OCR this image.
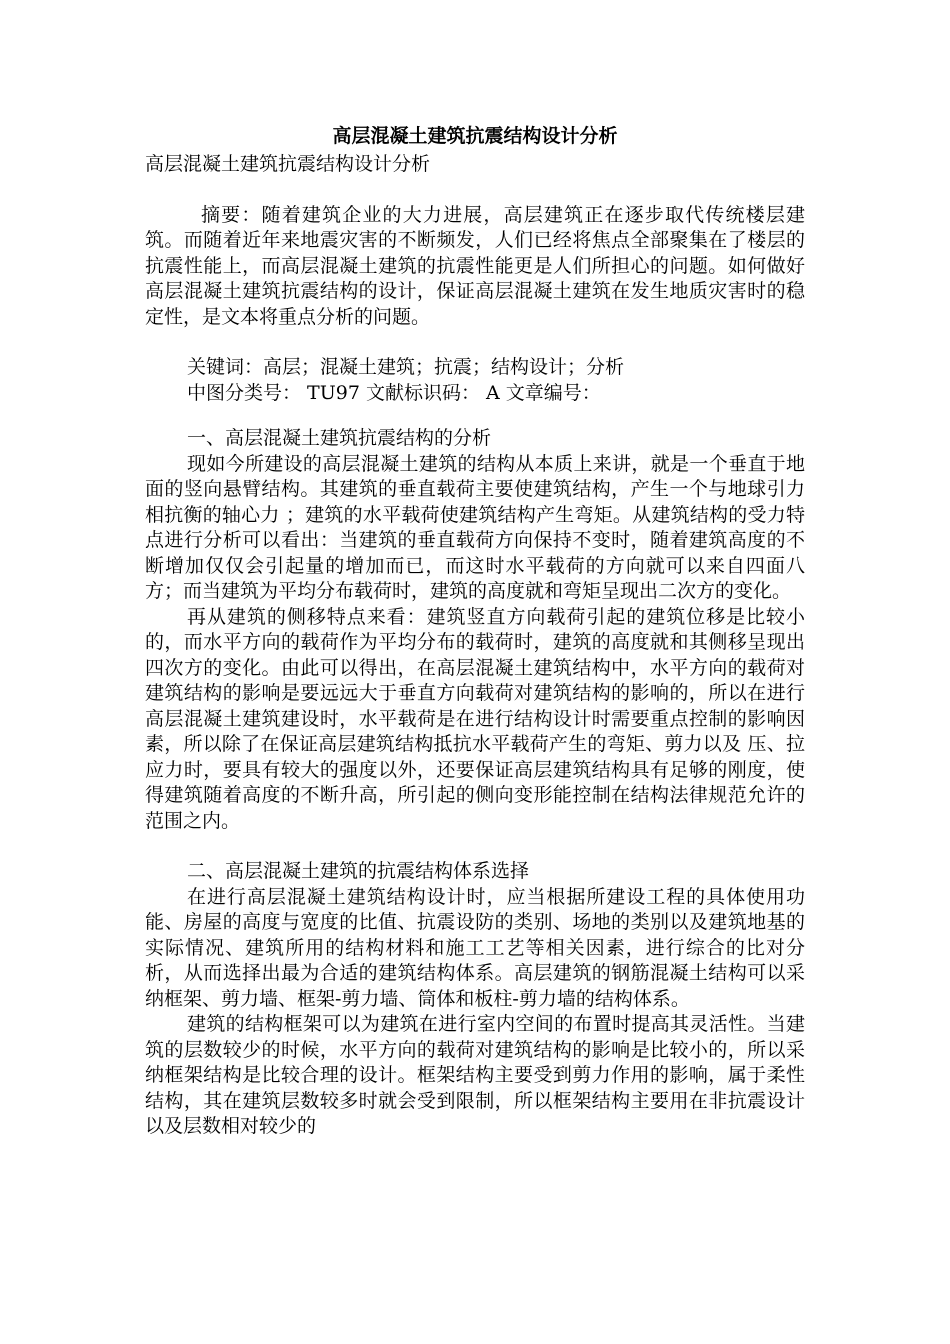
高层混凝土建筑抗震结构设计分析

高层混凝土建筑抗震结构设计分析

摘要：随着建筑企业的大力进展，高层建筑正在逐步取代传统楼层建筑。而随着近年来地震灾害的不断频发，人们已经将焦点全部聚集在了楼层的抗震性能上，而高层混凝土建筑的抗震性能更是人们所担心的问题。如何做好高层混凝土建筑抗震结构的设计，保证高层混凝土建筑在发生地质灾害时的稳定性，是文本将重点分析的问题。

关键词：高层；混凝土建筑；抗震；结构设计；分析

中图分类号： TU97 文献标识码： A 文章编号：

一、高层混凝土建筑抗震结构的分析

现如今所建设的高层混凝土建筑的结构从本质上来讲，就是一个垂直于地面的竖向悬臂结构。其建筑的垂直载荷主要使建筑结构，产生一个与地球引力相抗衡的轴心力 ；建筑的水平载荷使建筑结构产生弯矩。从建筑结构的受力特点进行分析可以看出：当建筑的垂直载荷方向保持不变时，随着建筑高度的不断增加仅仅会引起量的增加而已，而这时水平载荷的方向就可以来自四面八方；而当建筑为平均分布载荷时，建筑的高度就和弯矩呈现出二次方的变化。

再从建筑的侧移特点来看：建筑竖直方向载荷引起的建筑位移是比较小的，而水平方向的载荷作为平均分布的载荷时，建筑的高度就和其侧移呈现出四次方的变化。由此可以得出，在高层混凝土建筑结构中，水平方向的载荷对建筑结构的影响是要远远大于垂直方向载荷对建筑结构的影响的，所以在进行高层混凝土建筑建设时，水平载荷是在进行结构设计时需要重点控制的影响因素，所以除了在保证高层建筑结构抵抗水平载荷产生的弯矩、剪力以及 压、拉应力时，要具有较大的强度以外，还要保证高层建筑结构具有足够的刚度，使得建筑随着高度的不断升高，所引起的侧向变形能控制在结构法律规范允许的范围之内。

二、高层混凝土建筑的抗震结构体系选择

在进行高层混凝土建筑结构设计时，应当根据所建设工程的具体使用功能、房屋的高度与宽度的比值、抗震设防的类别、场地的类别以及建筑地基的实际情况、建筑所用的结构材料和施工工艺等相关因素，进行综合的比对分析，从而选择出最为合适的建筑结构体系。高层建筑的钢筋混凝土结构可以采纳框架、剪力墙、框架-剪力墙、筒体和板柱-剪力墙的结构体系。

建筑的结构框架可以为建筑在进行室内空间的布置时提高其灵活性。当建筑的层数较少的时候，水平方向的载荷对建筑结构的影响是比较小的，所以采纳框架结构是比较合理的设计。框架结构主要受到剪力作用的影响，属于柔性结构，其在建筑层数较多时就会受到限制，所以框架结构主要用在非抗震设计以及层数相对较少的
